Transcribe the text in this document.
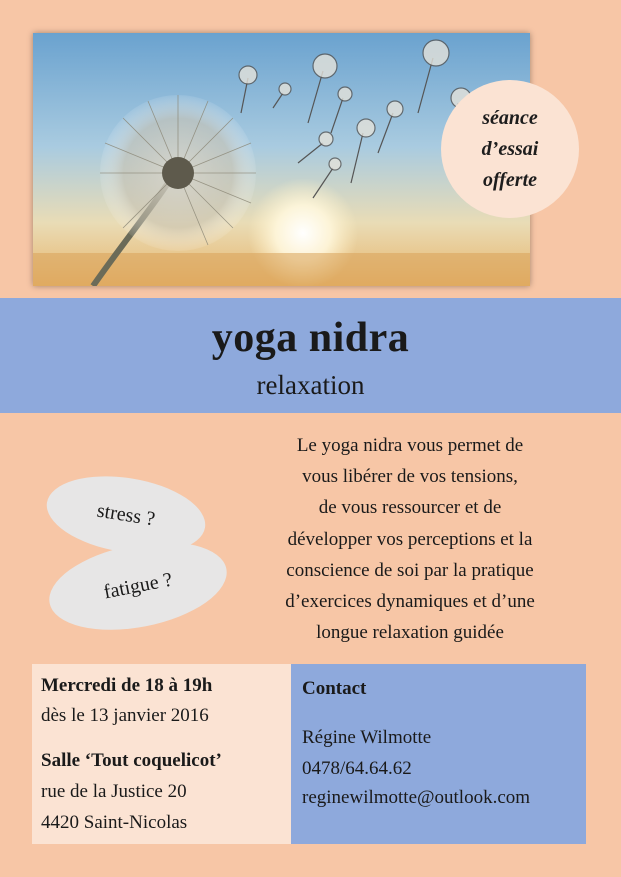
séance
d’essai
offerte
yoga nidra
relaxation
stress ?
fatigue ?
Le yoga nidra vous permet de
vous libérer de vos tensions,
de vous ressourcer et de
développer vos perceptions et la
conscience de soi par la pratique
d’exercices dynamiques et d’une
longue relaxation guidée
Mercredi de 18 à 19h
dès le 13 janvier 2016
Salle ‘Tout coquelicot’
rue de la Justice 20
4420 Saint-Nicolas
Contact
Régine Wilmotte
0478/64.64.62
reginewilmotte@outlook.com
